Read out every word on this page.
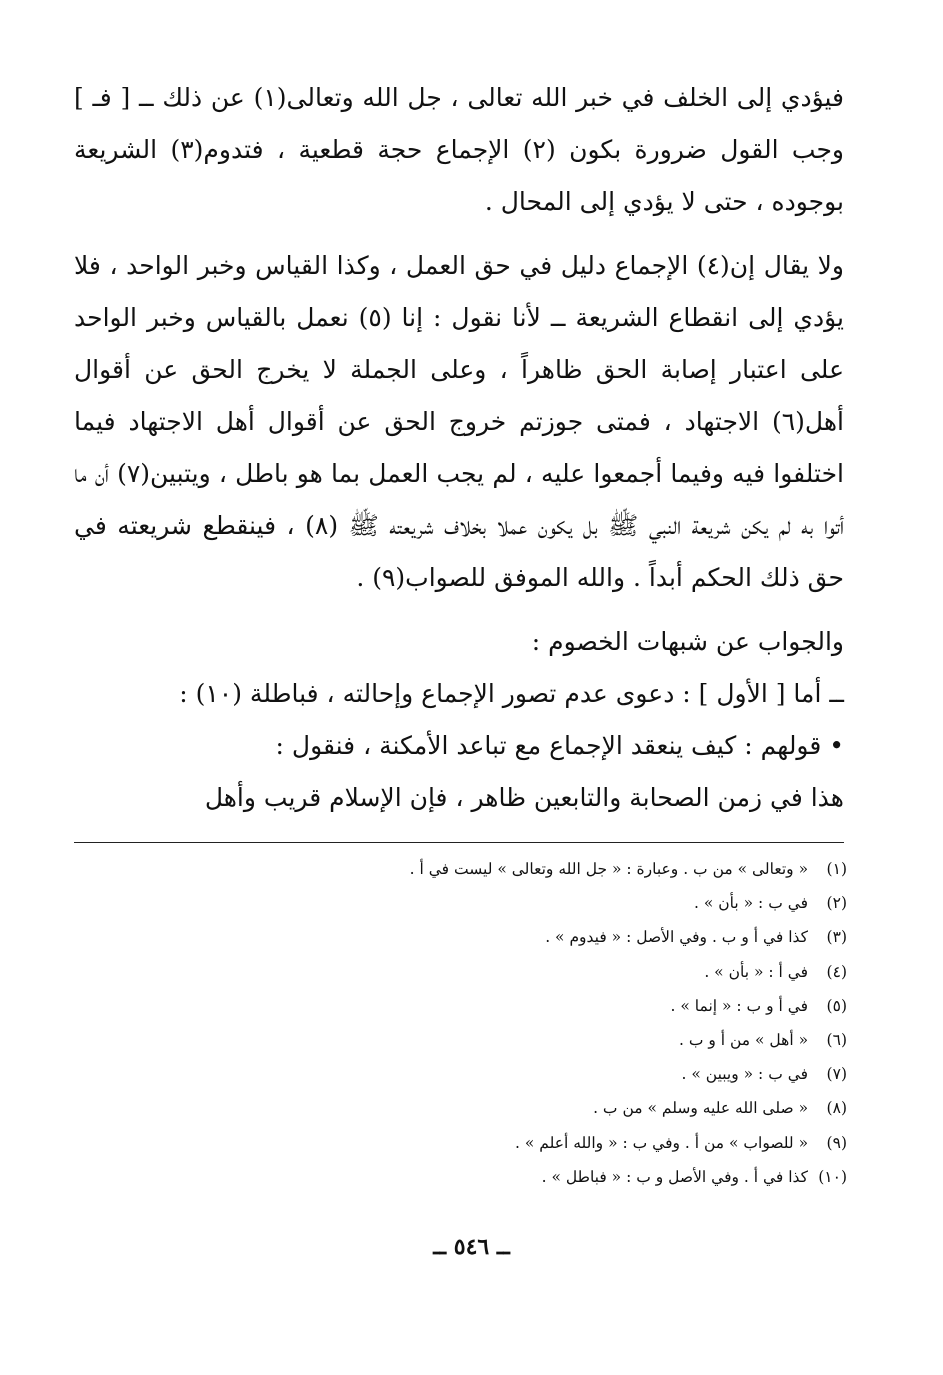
فيؤدي إلى الخلف في خبر الله تعالى ، جل الله وتعالى(١) عن ذلك ــ [ فـ ] وجب القول ضرورة بكون (٢) الإجماع حجة قطعية ، فتدوم(٣) الشريعة بوجوده ، حتى لا يؤدي إلى المحال .

ولا يقال إن(٤) الإجماع دليل في حق العمل ، وكذا القياس وخبر الواحد ، فلا يؤدي إلى انقطاع الشريعة ــ لأنا نقول : إنا (٥) نعمل بالقياس وخبر الواحد على اعتبار إصابة الحق ظاهراً ، وعلى الجملة لا يخرج الحق عن أقوال أهل(٦) الاجتهاد ، فمتى جوزتم خروج الحق عن أقوال أهل الاجتهاد فيما اختلفوا فيه وفيما أجمعوا عليه ، لم يجب العمل بما هو باطل ، ويتبين(٧) أن ما أتوا به لم يكن شريعة النبي ﷺ بل يكون عملا بخلاف شريعته ﷺ (٨) ، فينقطع شريعته في حق ذلك الحكم أبداً . والله الموفق للصواب(٩) .

والجواب عن شبهات الخصوم :

ــ أما [ الأول ] : دعوى عدم تصور الإجماع وإحالته ، فباطلة (١٠) :

• قولهم : كيف ينعقد الإجماع مع تباعد الأمكنة ، فنقول :

هذا في زمن الصحابة والتابعين ظاهر ، فإن الإسلام قريب وأهل

(١) « وتعالى » من ب . وعبارة : « جل الله وتعالى » ليست في أ .
(٢) في ب : « بأن » .
(٣) كذا في أ و ب . وفي الأصل : « فيدوم » .
(٤) في أ : « بأن » .
(٥) في أ و ب : « إنما » .
(٦) « أهل » من أ و ب .
(٧) في ب : « ويبين » .
(٨) « صلى الله عليه وسلم » من ب .
(٩) « للصواب » من أ . وفي ب : « والله أعلم » .
(١٠) كذا في أ . وفي الأصل و ب : « فباطل » .
ــ ٥٤٦ ــ
